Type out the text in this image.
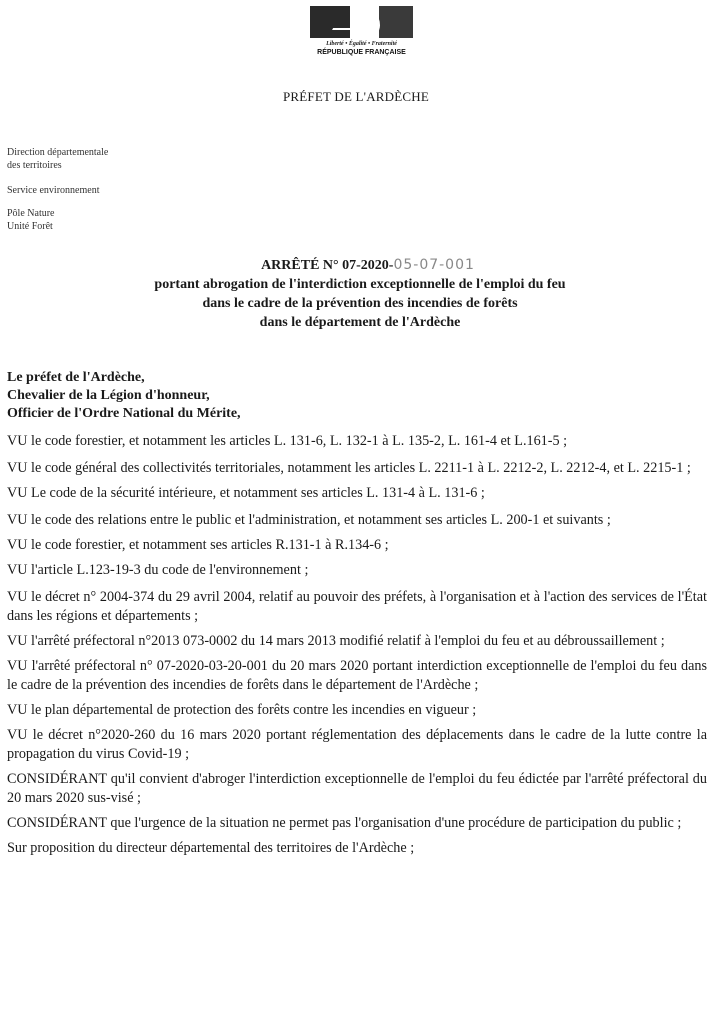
Liberté • Égalité • Fraternité
RÉPUBLIQUE FRANÇAISE
PRÉFET DE L'ARDÈCHE
Direction départementale
des territoires
Service environnement
Pôle Nature
Unité Forêt
ARRÊTÉ N° 07-2020-05-07-001
portant abrogation de l'interdiction exceptionnelle de l'emploi du feu
dans le cadre de la prévention des incendies de forêts
dans le département de l'Ardèche
Le préfet de l'Ardèche,
Chevalier de la Légion d'honneur,
Officier de l'Ordre National du Mérite,

VU le code forestier, et notamment les articles L. 131-6, L. 132-1 à L. 135-2, L. 161-4 et L.161-5 ;

VU le code général des collectivités territoriales, notamment les articles L. 2211-1 à L. 2212-2, L. 2212-4, et L. 2215-1 ;

VU Le code de la sécurité intérieure, et notamment ses articles L. 131-4 à L. 131-6 ;

VU le code des relations entre le public et l'administration, et notamment ses articles L. 200-1 et suivants ;

VU le code forestier, et notamment ses articles R.131-1 à R.134-6 ;

VU l'article L.123-19-3 du code de l'environnement ;

VU le décret n° 2004-374 du 29 avril 2004, relatif au pouvoir des préfets, à l'organisation et à l'action des services de l'État dans les régions et départements ;

VU l'arrêté préfectoral n°2013 073-0002 du 14 mars 2013 modifié relatif à l'emploi du feu et au débroussaillement ;

VU l'arrêté préfectoral n° 07-2020-03-20-001 du 20 mars 2020 portant interdiction exceptionnelle de l'emploi du feu dans le cadre de la prévention des incendies de forêts dans le département de l'Ardèche ;

VU le plan départemental de protection des forêts contre les incendies en vigueur ;

VU le décret n°2020-260 du 16 mars 2020 portant réglementation des déplacements dans le cadre de la lutte contre la propagation du virus Covid-19 ;

CONSIDÉRANT qu'il convient d'abroger l'interdiction exceptionnelle de l'emploi du feu édictée par l'arrêté préfectoral du 20 mars 2020 sus-visé ;

CONSIDÉRANT que l'urgence de la situation ne permet pas l'organisation d'une procédure de participation du public ;

Sur proposition du directeur départemental des territoires de l'Ardèche ;
